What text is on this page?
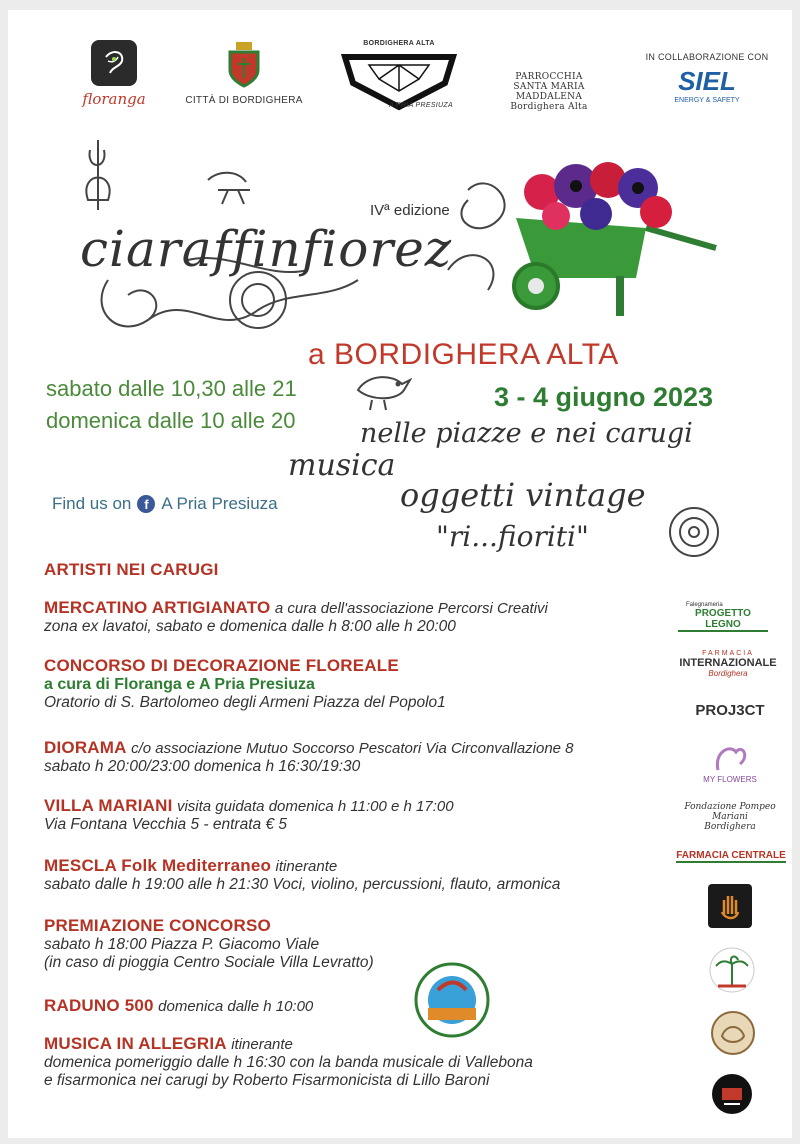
floranga	CITTÀ DI BORDIGHERA
BORDIGHERA ALTA
A PRIA PRESIUZA
PARROCCHIA
SANTA MARIA MADDALENA
Bordighera Alta
IN COLLABORAZIONE CON
SIEL
ENERGY & SAFETY
IVª edizione
ciaraffinfiorez
a BORDIGHERA ALTA
sabato dalle 10,30 alle 21
domenica dalle 10 alle 20
3 - 4 giugno 2023
nelle piazze e nei carugi
musica
oggetti vintage
"ri...fioriti"
Find us on f A Pria Presiuza
ARTISTI NEI CARUGI
MERCATINO ARTIGIANATO a cura dell'associazione Percorsi Creativi
zona ex lavatoi, sabato e domenica dalle h 8:00 alle h 20:00
CONCORSO DI DECORAZIONE FLOREALE
a cura di Floranga e A Pria Presiuza
Oratorio di S. Bartolomeo degli Armeni Piazza del Popolo1
DIORAMA c/o associazione Mutuo Soccorso Pescatori Via Circonvallazione 8
sabato h 20:00/23:00 domenica h 16:30/19:30
VILLA MARIANI visita guidata domenica h 11:00 e h 17:00
Via Fontana Vecchia 5 - entrata € 5
MESCLA Folk Mediterraneo itinerante
sabato dalle h 19:00 alle h 21:30 Voci, violino, percussioni, flauto, armonica
PREMIAZIONE CONCORSO
sabato h 18:00 Piazza P. Giacomo Viale
(in caso di pioggia Centro Sociale Villa Levratto)
RADUNO 500 domenica dalle h 10:00
MUSICA IN ALLEGRIA itinerante
domenica pomeriggio dalle h 16:30 con la banda musicale di Vallebona
e fisarmonica nei carugi by Roberto Fisarmonicista di Lillo Baroni
Falegnameria
PROGETTO LEGNO
FARMACIA
INTERNAZIONALE
Bordighera
PROJ3CT
MY FLOWERS
Fondazione Pompeo Mariani
Bordighera
FARMACIA CENTRALE
